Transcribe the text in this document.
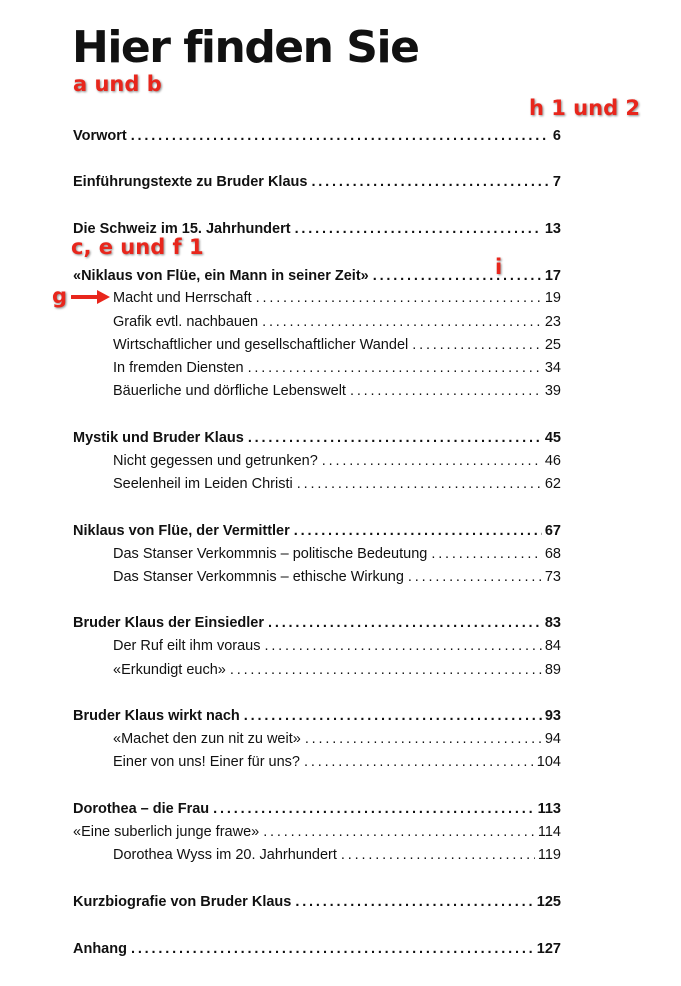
Hier finden Sie
a und b
h 1 und 2
c, e und f 1
i
g
Vorwort . . .	6
Einführungstexte zu Bruder Klaus . . .	7
Die Schweiz im 15. Jahrhundert . . .	13
«Niklaus von Flüe, ein Mann in seiner Zeit» . . .	17
Macht und Herrschaft . . .	19
Grafik evtl. nachbauen . . .	23
Wirtschaftlicher und gesellschaftlicher Wandel . . .	25
In fremden Diensten . . .	34
Bäuerliche und dörfliche Lebenswelt . . .	39
Mystik und Bruder Klaus . . .	45
Nicht gegessen und getrunken? . . .	46
Seelenheil im Leiden Christi . . .	62
Niklaus von Flüe, der Vermittler . . .	67
Das Stanser Verkommnis – politische Bedeutung . . .	68
Das Stanser Verkommnis – ethische Wirkung . . .	73
Bruder Klaus der Einsiedler . . .	83
Der Ruf eilt ihm voraus . . .	84
«Erkundigt euch» . . .	89
Bruder Klaus wirkt nach . . .	93
«Machet den zun nit zu weit» . . .	94
Einer von uns! Einer für uns? . . .	104
Dorothea – die Frau . . .	113
«Eine suberlich junge frawe» . . .	114
Dorothea Wyss im 20. Jahrhundert . . .	119
Kurzbiografie von Bruder Klaus . . .	125
Anhang . . .	127
